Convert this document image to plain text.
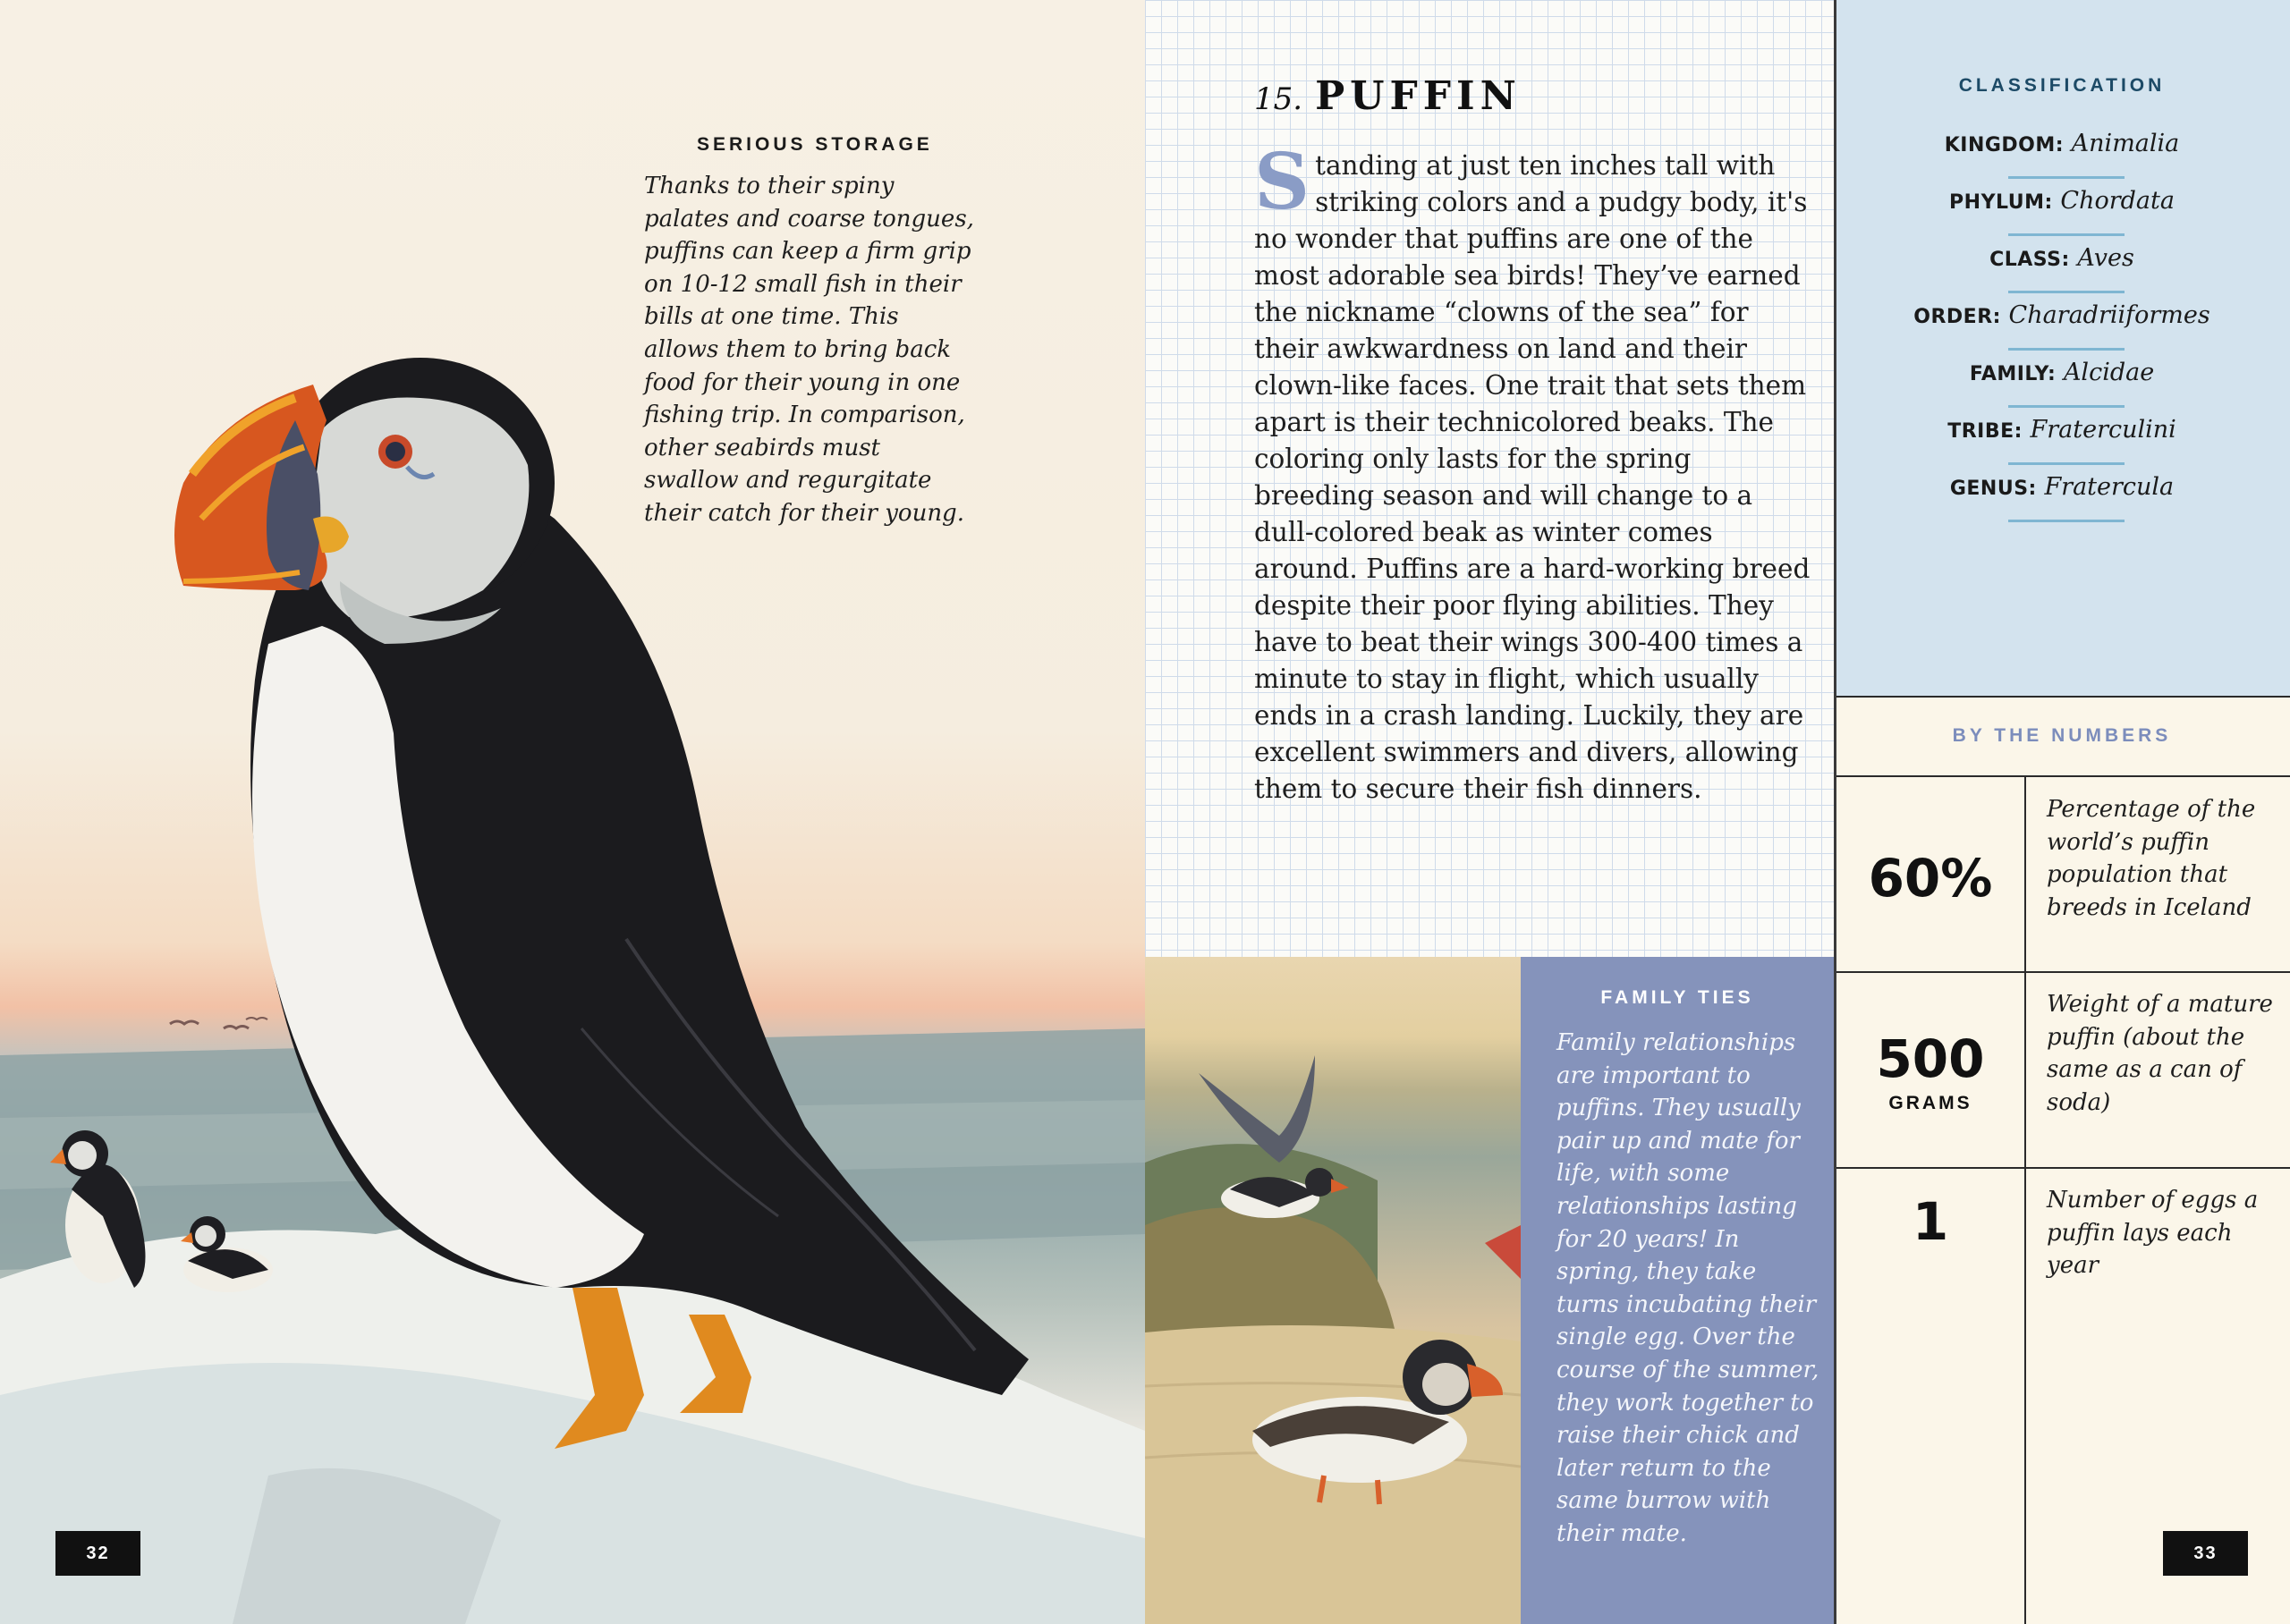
SERIOUS STORAGE
Thanks to their spiny palates and coarse tongues, puffins can keep a firm grip on 10-12 small fish in their bills at one time. This allows them to bring back food for their young in one fishing trip. In comparison, other seabirds must swallow and regurgitate their catch for their young.
32
15. PUFFIN
Standing at just ten inches tall with striking colors and a pudgy body, it's no wonder that puffins are one of the most adorable sea birds! They’ve earned the nickname “clowns of the sea” for their awkwardness on land and their clown-like faces. One trait that sets them apart is their technicolored beaks. The coloring only lasts for the spring breeding season and will change to a dull-colored beak as winter comes around. Puffins are a hard-working breed despite their poor flying abilities. They have to beat their wings 300-400 times a minute to stay in flight, which usually ends in a crash landing. Luckily, they are excellent swimmers and divers, allowing them to secure their fish dinners.
FAMILY TIES
Family relationships are important to puffins. They usually pair up and mate for life, with some relationships lasting for 20 years! In spring, they take turns incubating their single egg. Over the course of the summer, they work together to raise their chick and later return to the same burrow with their mate.
CLASSIFICATION
KINGDOM: Animalia
PHYLUM: Chordata
CLASS: Aves
ORDER: Charadriiformes
FAMILY: Alcidae
TRIBE: Fraterculini
GENUS: Fratercula
BY THE NUMBERS
60%
Percentage of the world’s puffin population that breeds in Iceland
500
GRAMS
Weight of a mature puffin (about the same as a can of soda)
1	Number of eggs a puffin lays each year
33
